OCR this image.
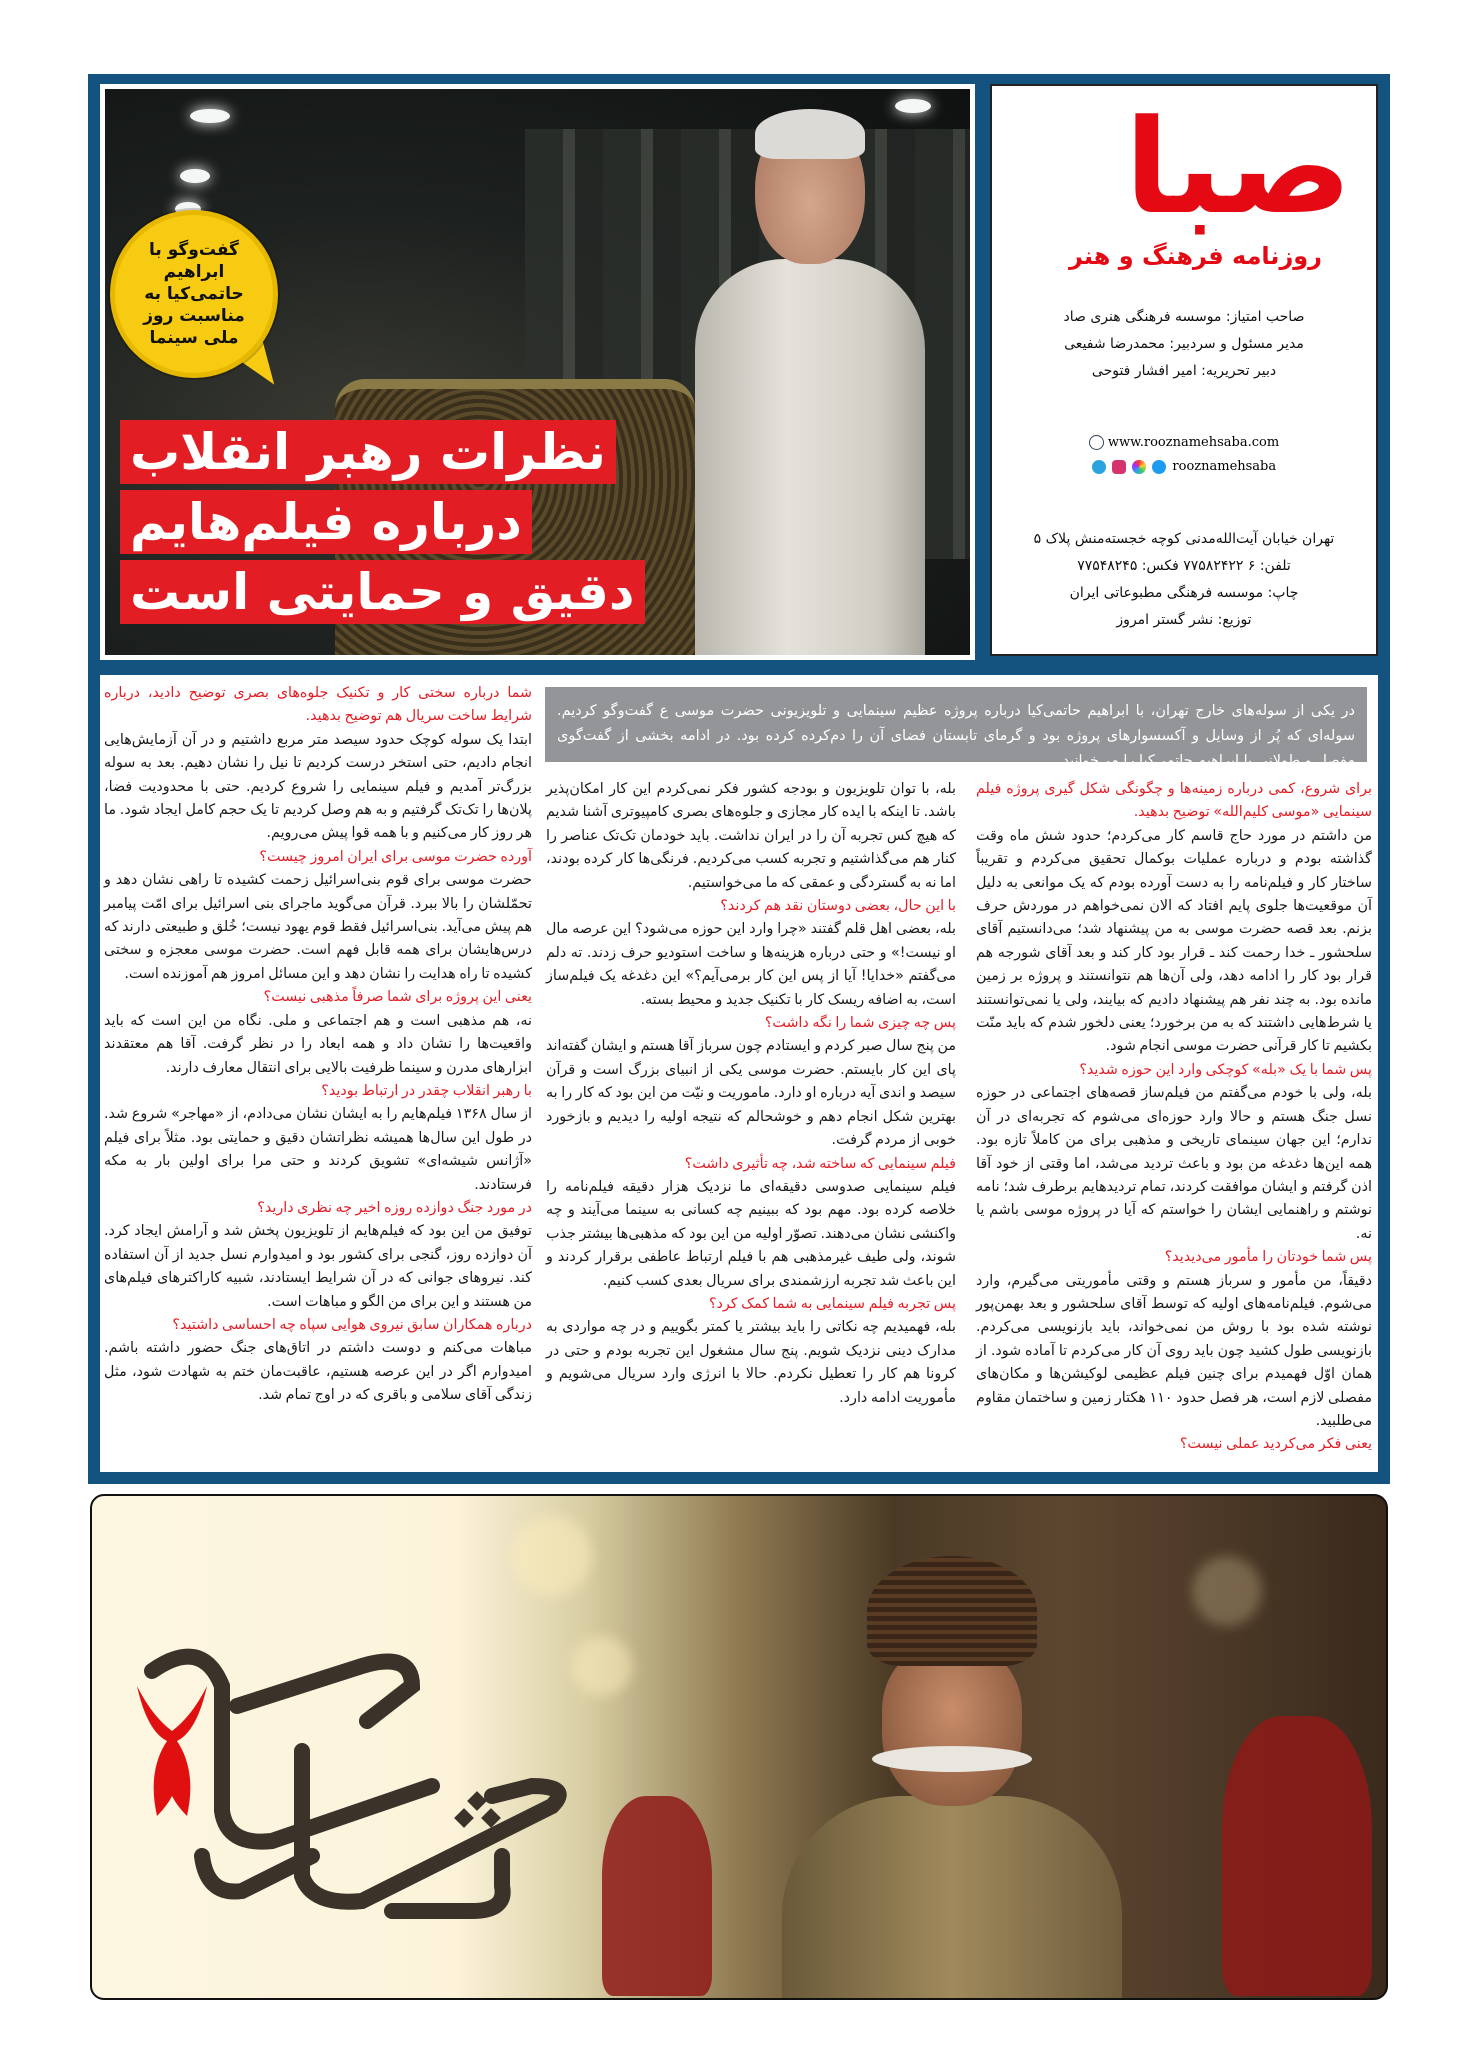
گفت‌وگو با ابراهیم حاتمی‌کیا به مناسبت روز ملی سینما
نظرات رهبر انقلاب
درباره فیلم‌هایم
دقیق و حمایتی است
صبا
روزنامه فرهنگ و هنر
صاحب امتیاز: موسسه فرهنگی هنری صاد
مدیر مسئول و سردبیر: محمدرضا شفیعی
دبیر تحریریه: امیر افشار فتوحی
www.rooznamehsaba.com
rooznamehsaba
تهران خیابان آیت‌الله‌مدنی کوچه خجسته‌منش پلاک ۵
تلفن: ۶ ۷۷۵۸۲۴۲۲ فکس: ۷۷۵۴۸۲۴۵
چاپ: موسسه فرهنگی مطبوعاتی ایران
توزیع: نشر گستر امروز
در یکی از سوله‌های خارج تهران، با ابراهیم حاتمی‌کیا درباره پروژه عظیم سینمایی و تلویزیونی حضرت موسی ع گفت‌وگو کردیم. سوله‌ای که پُر از وسایل و آکسسوارهای پروژه بود و گرمای تابستان فضای آن را دم‌کرده کرده بود. در ادامه بخشی از گفت‌گوی مفصل و طولانی با ابراهیم حاتمی‌کیا را می‌خوانید.

برای شروع، کمی درباره زمینه‌ها و چگونگی شکل گیری پروژه فیلم سینمایی «موسی کلیم‌الله» توضیح بدهید.

من داشتم در مورد حاج قاسم کار می‌کردم؛ حدود شش ماه وقت گذاشته بودم و درباره عملیات بوکمال تحقیق می‌کردم و تقریباً ساختار کار و فیلم‌نامه را به دست آورده بودم که یک موانعی به دلیل آن موقعیت‌ها جلوی پایم افتاد که الان نمی‌خواهم در موردش حرف بزنم. بعد قصه حضرت موسی به من پیشنهاد شد؛ می‌دانستیم آقای سلحشور ـ خدا رحمت کند ـ قرار بود کار کند و بعد آقای شورجه هم قرار بود کار را ادامه دهد، ولی آن‌ها هم نتوانستند و پروژه بر زمین مانده بود. به چند نفر هم پیشنهاد دادیم که بیایند، ولی یا نمی‌توانستند یا شرط‌هایی داشتند که به من برخورد؛ یعنی دلخور شدم که باید منّت بکشیم تا کار قرآنی حضرت موسی انجام شود.

پس شما با یک «بله» کوچکی وارد این حوزه شدید؟

بله، ولی با خودم می‌گفتم من فیلم‌ساز قصه‌های اجتماعی در حوزه نسل جنگ هستم و حالا وارد حوزه‌ای می‌شوم که تجربه‌ای در آن ندارم؛ این جهان سینمای تاریخی و مذهبی برای من کاملاً تازه بود. همه این‌ها دغدغه من بود و باعث تردید می‌شد، اما وقتی از خود آقا اذن گرفتم و ایشان موافقت کردند، تمام تردیدهایم برطرف شد؛ نامه نوشتم و راهنمایی ایشان را خواستم که آیا در پروژه موسی باشم یا نه.

پس شما خودتان را مأمور می‌دیدید؟

دقیقاً، من مأمور و سرباز هستم و وقتی مأموریتی می‌گیرم، وارد می‌شوم. فیلم‌نامه‌های اولیه که توسط آقای سلحشور و بعد بهمن‌پور نوشته شده بود با روش من نمی‌خواند، باید بازنویسی می‌کردم. بازنویسی طول کشید چون باید روی آن کار می‌کردم تا آماده شود. از همان اوّل فهمیدم برای چنین فیلم عظیمی لوکیشن‌ها و مکان‌های مفصلی لازم است، هر فصل حدود ۱۱۰ هکتار زمین و ساختمان مقاوم می‌طلبید.

یعنی فکر می‌کردید عملی نیست؟

بله، با توان تلویزیون و بودجه کشور فکر نمی‌کردم این کار امکان‌پذیر باشد. تا اینکه با ایده کار مجازی و جلوه‌های بصری کامپیوتری آشنا شدیم که هیچ کس تجربه آن را در ایران نداشت. باید خودمان تک‌تک عناصر را کنار هم می‌گذاشتیم و تجربه کسب می‌کردیم. فرنگی‌ها کار کرده بودند، اما نه به گستردگی و عمقی که ما می‌خواستیم.

با این حال، بعضی دوستان نقد هم کردند؟

بله، بعضی اهل قلم گفتند «چرا وارد این حوزه می‌شود؟ این عرصه مال او نیست!» و حتی درباره هزینه‌ها و ساخت استودیو حرف زدند. ته دلم می‌گفتم «خدایا! آیا از پس این کار برمی‌آیم؟» این دغدغه یک فیلم‌ساز است، به اضافه ریسک کار با تکنیک جدید و محیط بسته.

پس چه چیزی شما را نگه داشت؟

من پنج سال صبر کردم و ایستادم چون سرباز آقا هستم و ایشان گفته‌اند پای این کار بایستم. حضرت موسی یکی از انبیای بزرگ است و قرآن سیصد و اندی آیه درباره او دارد. ماموریت و نیّت من این بود که کار را به بهترین شکل انجام دهم و خوشحالم که نتیجه اولیه را دیدیم و بازخورد خوبی از مردم گرفت.

فیلم سینمایی که ساخته شد، چه تأثیری داشت؟

فیلم سینمایی صدوسی دقیقه‌ای ما نزدیک هزار دقیقه فیلم‌نامه را خلاصه کرده بود. مهم بود که ببینیم چه کسانی به سینما می‌آیند و چه واکنشی نشان می‌دهند. تصوّر اولیه من این بود که مذهبی‌ها بیشتر جذب شوند، ولی طیف غیرمذهبی هم با فیلم ارتباط عاطفی برقرار کردند و این باعث شد تجربه ارزشمندی برای سریال بعدی کسب کنیم.

پس تجربه فیلم سینمایی به شما کمک کرد؟

بله، فهمیدیم چه نکاتی را باید بیشتر یا کمتر بگوییم و در چه مواردی به مدارک دینی نزدیک شویم. پنج سال مشغول این تجربه بودم و حتی در کرونا هم کار را تعطیل نکردم. حالا با انرژی وارد سریال می‌شویم و مأموریت ادامه دارد.

شما درباره سختی کار و تکنیک جلوه‌های بصری توضیح دادید، درباره شرایط ساخت سریال هم توضیح بدهید.

ابتدا یک سوله کوچک حدود سیصد متر مربع داشتیم و در آن آزمایش‌هایی انجام دادیم، حتی استخر درست کردیم تا نیل را نشان دهیم. بعد به سوله بزرگ‌تر آمدیم و فیلم سینمایی را شروع کردیم. حتی با محدودیت فضا، پلان‌ها را تک‌تک گرفتیم و به هم وصل کردیم تا یک حجم کامل ایجاد شود. ما هر روز کار می‌کنیم و با همه قوا پیش می‌رویم.

آورده حضرت موسی برای ایران امروز چیست؟

حضرت موسی برای قوم بنی‌اسرائیل زحمت کشیده تا راهی نشان دهد و تحمّلشان را بالا ببرد. قرآن می‌گوید ماجرای بنی اسرائیل برای امّت پیامبر هم پیش می‌آید. بنی‌اسرائیل فقط قوم یهود نیست؛ خُلق و طبیعتی دارند که درس‌هایشان برای همه قابل فهم است. حضرت موسی معجزه و سختی کشیده تا راه هدایت را نشان دهد و این مسائل امروز هم آموزنده است.

یعنی این پروژه برای شما صرفاً مذهبی نیست؟

نه، هم مذهبی است و هم اجتماعی و ملی. نگاه من این است که باید واقعیت‌ها را نشان داد و همه ابعاد را در نظر گرفت. آقا هم معتقدند ابزارهای مدرن و سینما ظرفیت بالایی برای انتقال معارف دارند.

با رهبر انقلاب چقدر در ارتباط بودید؟

از سال ۱۳۶۸ فیلم‌هایم را به ایشان نشان می‌دادم، از «مهاجر» شروع شد. در طول این سال‌ها همیشه نظراتشان دقیق و حمایتی بود. مثلاً برای فیلم «آژانس شیشه‌ای» تشویق کردند و حتی مرا برای اولین بار به مکه فرستادند.

در مورد جنگ دوازده روزه اخیر چه نظری دارید؟

توفیق من این بود که فیلم‌هایم از تلویزیون پخش شد و آرامش ایجاد کرد. آن دوازده روز، گنجی برای کشور بود و امیدوارم نسل جدید از آن استفاده کند. نیروهای جوانی که در آن شرایط ایستادند، شبیه کاراکترهای فیلم‌های من هستند و این برای من الگو و مباهات است.

درباره همکاران سابق نیروی هوایی سپاه چه احساسی داشتید؟

مباهات می‌کنم و دوست داشتم در اتاق‌های جنگ حضور داشته باشم. امیدوارم اگر در این عرصه هستیم، عاقبت‌مان ختم به شهادت شود، مثل زندگی آقای سلامی و باقری که در اوج تمام شد.
